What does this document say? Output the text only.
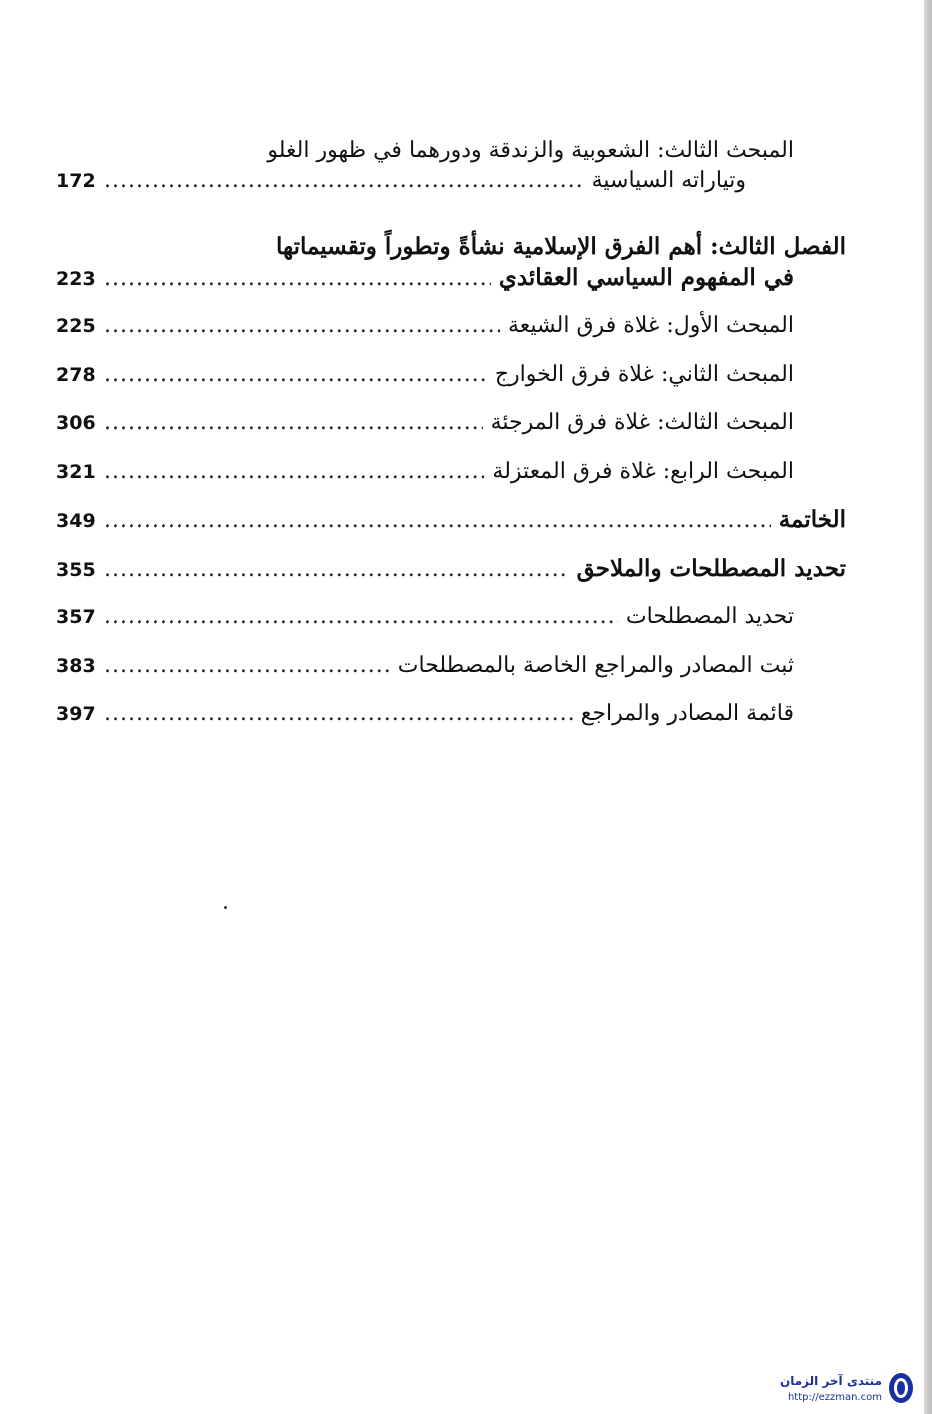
المبحث الثالث: الشعوبية والزندقة ودورهما في ظهور الغلو
وتياراته السياسية
.....
172
الفصل الثالث: أهم الفرق الإسلامية نشأةً وتطوراً وتقسيماتها
في المفهوم السياسي العقائدي
.....
223
المبحث الأول: غلاة فرق الشيعة
.....
225
المبحث الثاني: غلاة فرق الخوارج
.....
278
المبحث الثالث: غلاة فرق المرجئة
.....
306
المبحث الرابع: غلاة فرق المعتزلة
.....
321
الخاتمة
.....
349
تحديد المصطلحات والملاحق
.....
355
تحديد المصطلحات
.....
357
ثبت المصادر والمراجع الخاصة بالمصطلحات
.....
383
قائمة المصادر والمراجع
.....
397
منتدى آخر الزمان
http://ezzman.com
